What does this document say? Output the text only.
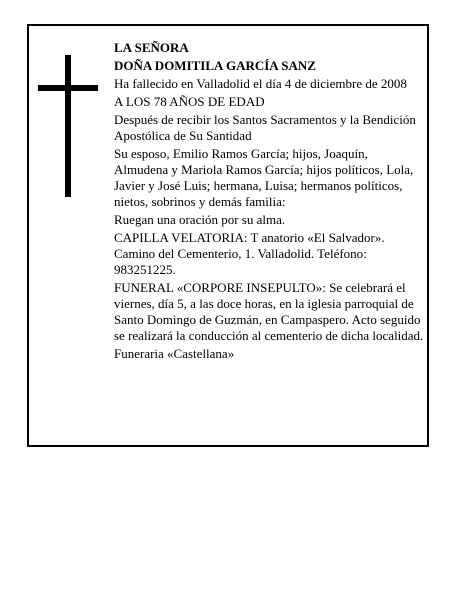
LA SEÑORA

DOÑA DOMITILA GARCÍA SANZ

Ha fallecido en Valladolid el día 4 de diciembre de 2008

A LOS 78 AÑOS DE EDAD

Después de recibir los Santos Sacramentos y la Bendición Apostólica de Su Santidad

Su esposo, Emilio Ramos García; hijos, Joaquín, Almudena y Mariola Ramos García; hijos políticos, Lola, Javier y José Luis; hermana, Luisa; hermanos políticos, nietos, sobrinos y demás familia:

Ruegan una oración por su alma.

CAPILLA VELATORIA: T anatorio «El Salvador». Camino del Cementerio, 1. Valladolid. Teléfono: 983251225.

FUNERAL «CORPORE INSEPULTO»: Se celebrará el viernes, día 5, a las doce horas, en la iglesia parroquial de Santo Domingo de Guzmán, en Campaspero. Acto seguido se realizará la conducción al cementerio de dicha localidad.

Funeraria «Castellana»
